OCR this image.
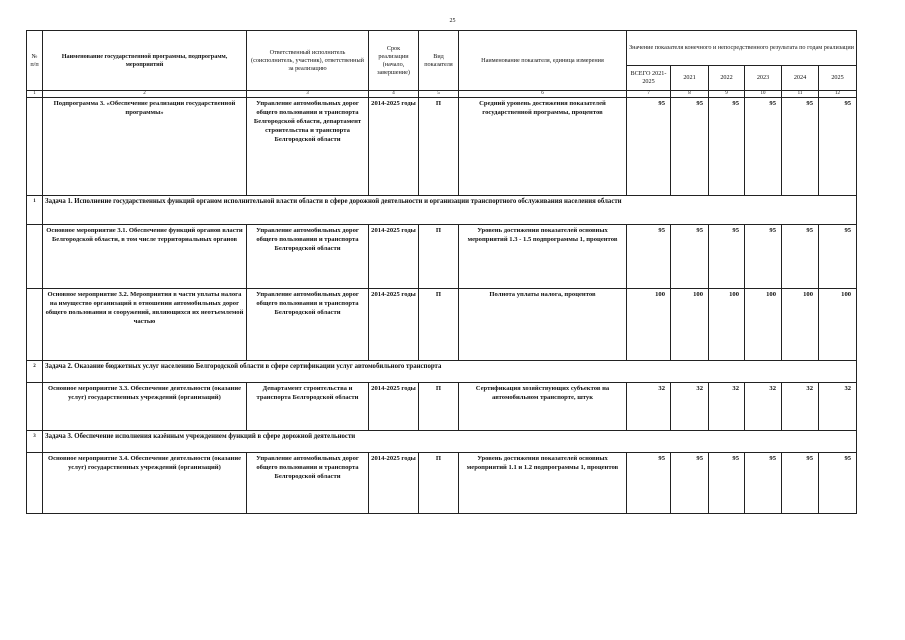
25
№ п/п	Наименование государственной программы, подпрограмм, мероприятий	Ответственный исполнитель (соисполнитель, участник), ответственный за реализацию	Срок реализации (начало, завершение)	Вид показателя	Наименование показателя, единица измерения	Значение показателя конечного и непосредственного результата по годам реализации					
						ВСЕГО 2021-2025	2021	2022	2023	2024	2025
1	2	3	4	5	6	7	8	9	10	11	12
	Подпрограмма 3. «Обеспечение реализации государственной программы»	Управление автомобильных дорог общего пользования и транспорта Белгородской области, департамент строительства и транспорта Белгородской области	2014-2025 годы	П	Средний уровень достижения показателей государственной программы, процентов	95	95	95	95	95	95
1	Задача 1. Исполнение государственных функций органом исполнительной власти области в сфере дорожной деятельности и организации транспортного обслуживания населения области										
	Основное мероприятие 3.1. Обеспечение функций органов власти Белгородской области, в том числе территориальных органов	Управление автомобильных дорог общего пользования и транспорта Белгородской области	2014-2025 годы	П	Уровень достижения показателей основных мероприятий 1.3 - 1.5 подпрограммы 1, процентов	95	95	95	95	95	95
	Основное мероприятие 3.2. Мероприятия в части уплаты налога на имущество организаций в отношении автомобильных дорог общего пользования и сооружений, являющихся их неотъемлемой частью	Управление автомобильных дорог общего пользования и транспорта Белгородской области	2014-2025 годы	П	Полнота уплаты налога, процентов	100	100	100	100	100	100
2	Задача 2. Оказание бюджетных услуг населению Белгородской области в сфере сертификации услуг автомобильного транспорта										
	Основное мероприятие 3.3. Обеспечение деятельности (оказание услуг) государственных учреждений (организаций)	Департамент строительства и транспорта Белгородской области	2014-2025 годы	П	Сертификация хозяйствующих субъектов на автомобильном транспорте, штук	32	32	32	32	32	32
3	Задача 3. Обеспечение исполнения казённым учреждением функций в сфере дорожной деятельности										
	Основное мероприятие 3.4. Обеспечение деятельности (оказание услуг) государственных учреждений (организаций)	Управление автомобильных дорог общего пользования и транспорта Белгородской области	2014-2025 годы	П	Уровень достижения показателей основных мероприятий 1.1 и 1.2 подпрограммы 1, процентов	95	95	95	95	95	95
